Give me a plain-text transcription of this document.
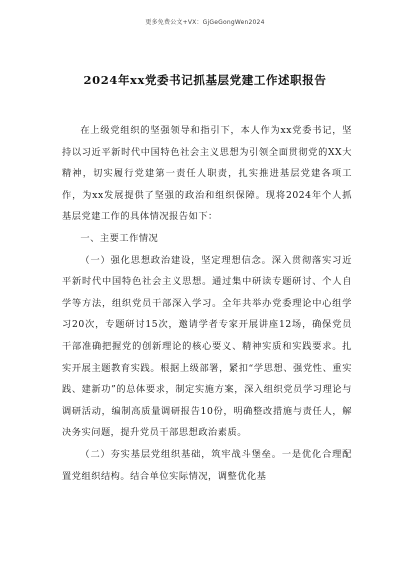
更多免费公文+VX：GjGeGongWen2024
2024年xx党委书记抓基层党建工作述职报告

在上级党组织的坚强领导和指引下，本人作为xx党委书记，坚持以习近平新时代中国特色社会主义思想为引领全面贯彻党的XX大精神，切实履行党建第一责任人职责，扎实推进基层党建各项工作，为xx发展提供了坚强的政治和组织保障。现将2024年个人抓基层党建工作的具体情况报告如下：

一、主要工作情况

（一）强化思想政治建设，坚定理想信念。深入贯彻落实习近平新时代中国特色社会主义思想。通过集中研读专题研讨、个人自学等方法，组织党员干部深入学习。全年共举办党委理论中心组学习20次，专题研讨15次，邀请学者专家开展讲座12场，确保党员干部准确把握党的创新理论的核心要义、精神实质和实践要求。扎实开展主题教育实践。根据上级部署，紧扣“学思想、强党性、重实践、建新功”的总体要求，制定实施方案，深入组织党员学习理论与调研活动，编制高质量调研报告10份，明确整改措施与责任人，解决务实问题，提升党员干部思想政治素质。

（二）夯实基层党组织基础，筑牢战斗堡垒。一是优化合理配置党组织结构。结合单位实际情况，调整优化基
